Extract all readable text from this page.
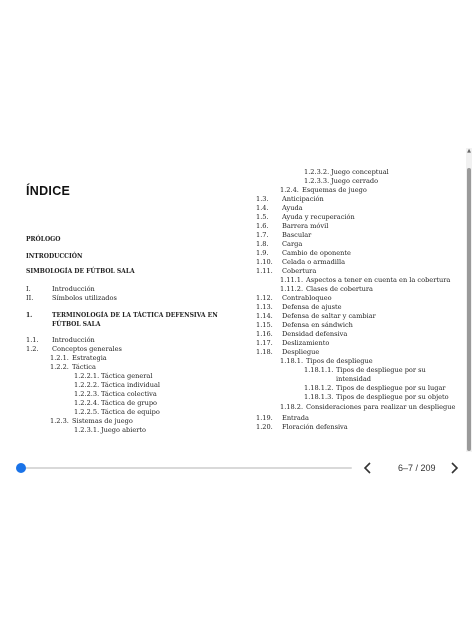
ÍNDICE
PRÓLOGO
INTRODUCCIÓN
SIMBOLOGÍA DE FÚTBOL SALA
I.	Introducción
II.	Símbolos utilizados
1.	TERMINOLOGÍA DE LA TÁCTICA DEFENSIVA EN
FÚTBOL SALA
1.1. Introducción
1.2. Conceptos generales
1.2.1. Estrategia
1.2.2. Táctica
1.2.2.1. Táctica general
1.2.2.2. Táctica individual
1.2.2.3. Táctica colectiva
1.2.2.4. Táctica de grupo
1.2.2.5. Táctica de equipo
1.2.3. Sistemas de juego
1.2.3.1. Juego abierto
1.2.3.2. Juego conceptual
1.2.3.3. Juego cerrado
1.2.4. Esquemas de juego
1.3. Anticipación
1.4. Ayuda
1.5. Ayuda y recuperación
1.6. Barrera móvil
1.7. Bascular
1.8. Carga
1.9. Cambio de oponente
1.10. Celada o armadilla
1.11. Cobertura
1.11.1. Aspectos a tener en cuenta en la cobertura
1.11.2. Clases de cobertura
1.12. Contrabloqueo
1.13. Defensa de ajuste
1.14. Defensa de saltar y cambiar
1.15. Defensa en sándwich
1.16. Densidad defensiva
1.17. Deslizamiento
1.18. Despliegue
1.18.1. Tipos de despliegue
1.18.1.1. Tipos de despliegue por su
intensidad
1.18.1.2. Tipos de despliegue por su lugar
1.18.1.3. Tipos de despliegue por su objeto
1.18.2. Consideraciones para realizar un despliegue
1.19. Entrada
1.20. Floración defensiva
▲
6–7 / 209
